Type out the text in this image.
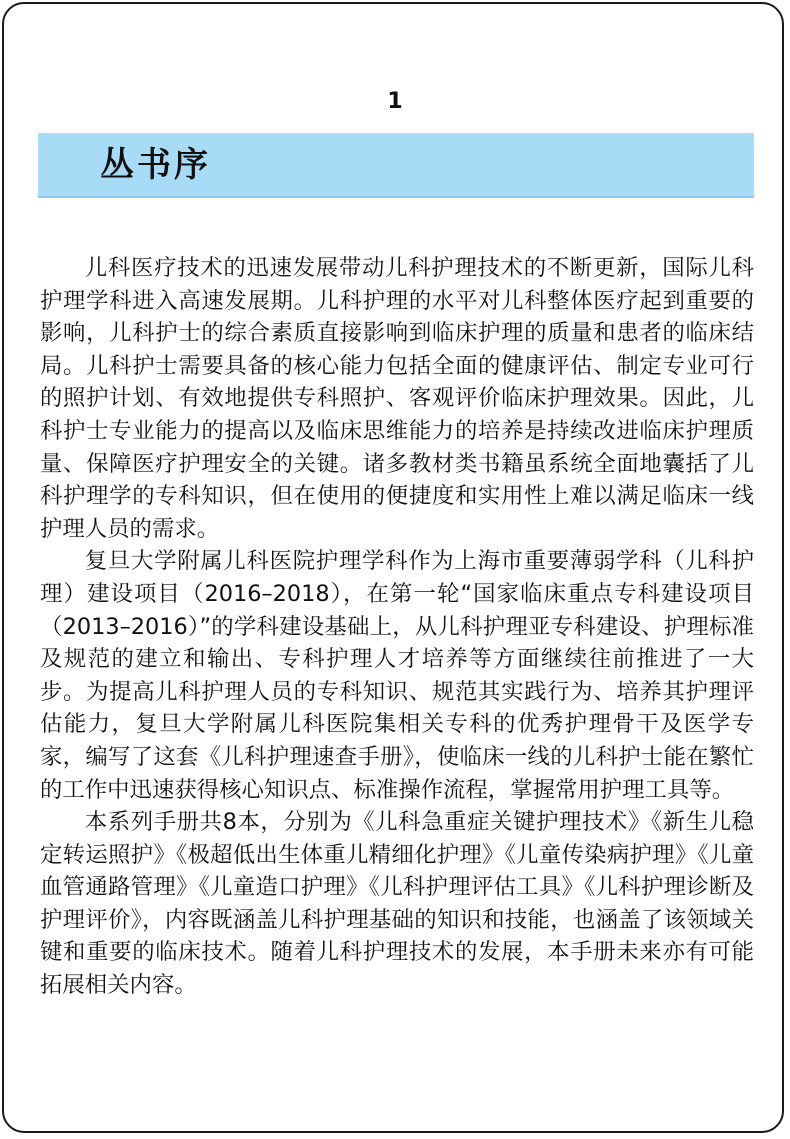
1
丛书序

儿科医疗技术的迅速发展带动儿科护理技术的不断更新，国际儿科护理学科进入高速发展期。儿科护理的水平对儿科整体医疗起到重要的影响，儿科护士的综合素质直接影响到临床护理的质量和患者的临床结局。儿科护士需要具备的核心能力包括全面的健康评估、制定专业可行的照护计划、有效地提供专科照护、客观评价临床护理效果。因此，儿科护士专业能力的提高以及临床思维能力的培养是持续改进临床护理质量、保障医疗护理安全的关键。诸多教材类书籍虽系统全面地囊括了儿科护理学的专科知识，但在使用的便捷度和实用性上难以满足临床一线护理人员的需求。

复旦大学附属儿科医院护理学科作为上海市重要薄弱学科（儿科护理）建设项目（2016–2018），在第一轮“国家临床重点专科建设项目（2013–2016）”的学科建设基础上，从儿科护理亚专科建设、护理标准及规范的建立和输出、专科护理人才培养等方面继续往前推进了一大步。为提高儿科护理人员的专科知识、规范其实践行为、培养其护理评估能力，复旦大学附属儿科医院集相关专科的优秀护理骨干及医学专家，编写了这套《儿科护理速查手册》，使临床一线的儿科护士能在繁忙的工作中迅速获得核心知识点、标准操作流程，掌握常用护理工具等。

本系列手册共8本，分别为《儿科急重症关键护理技术》《新生儿稳定转运照护》《极超低出生体重儿精细化护理》《儿童传染病护理》《儿童血管通路管理》《儿童造口护理》《儿科护理评估工具》《儿科护理诊断及护理评价》，内容既涵盖儿科护理基础的知识和技能，也涵盖了该领域关键和重要的临床技术。随着儿科护理技术的发展，本手册未来亦有可能拓展相关内容。
